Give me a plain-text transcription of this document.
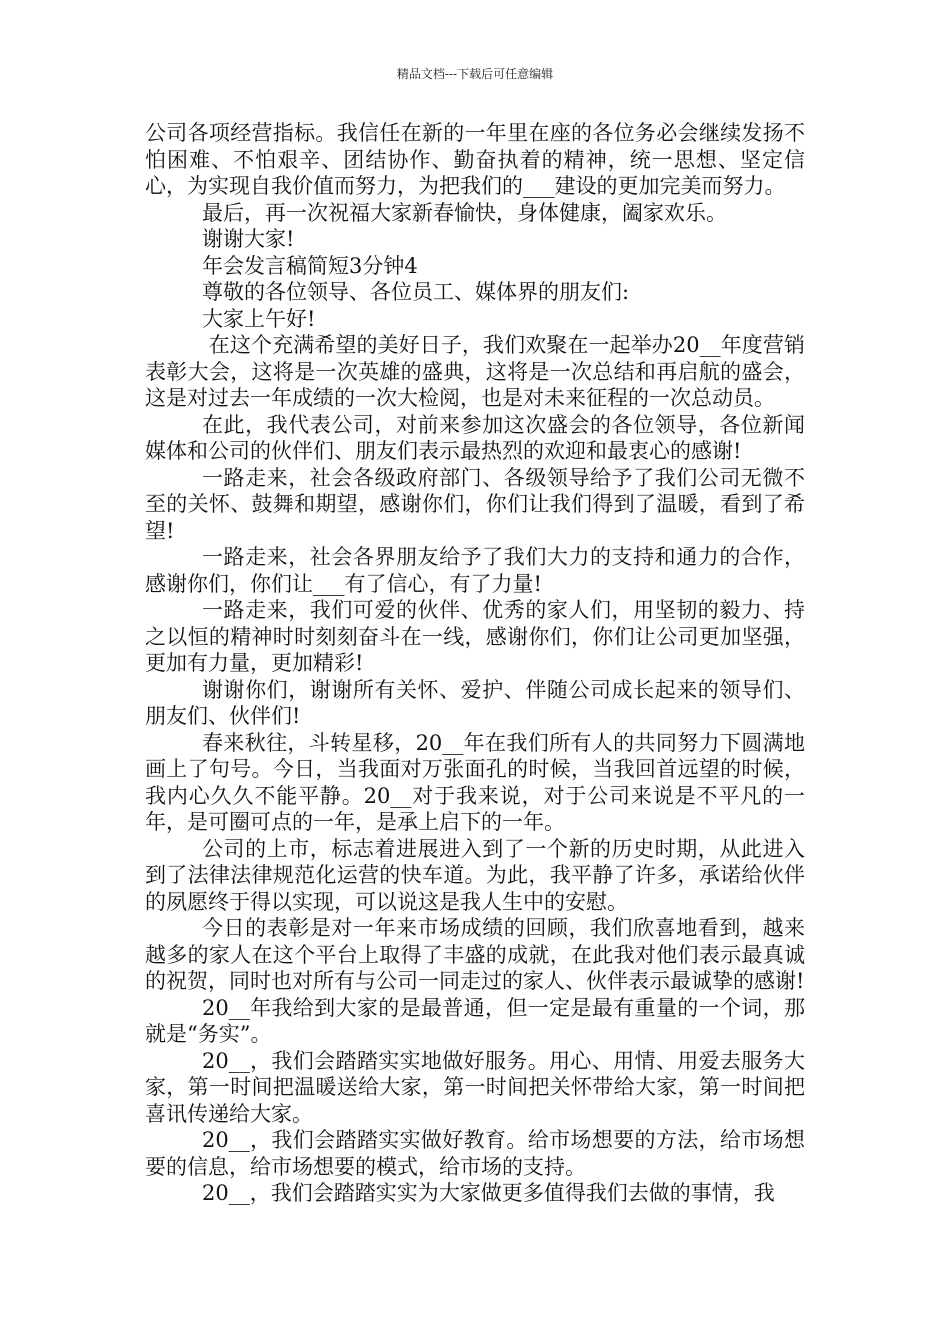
精品文档---下载后可任意编辑

公司各项经营指标。我信任在新的一年里在座的各位务必会继续发扬不怕困难、不怕艰辛、团结协作、勤奋执着的精神，统一思想、坚定信心，为实现自我价值而努力，为把我们的___建设的更加完美而努力。

最后，再一次祝福大家新春愉快，身体健康，阖家欢乐。

谢谢大家!

年会发言稿简短3分钟4

尊敬的各位领导、各位员工、媒体界的朋友们:

大家上午好!

在这个充满希望的美好日子，我们欢聚在一起举办20__年度营销表彰大会，这将是一次英雄的盛典，这将是一次总结和再启航的盛会，这是对过去一年成绩的一次大检阅，也是对未来征程的一次总动员。

在此，我代表公司，对前来参加这次盛会的各位领导，各位新闻媒体和公司的伙伴们、朋友们表示最热烈的欢迎和最衷心的感谢!

一路走来，社会各级政府部门、各级领导给予了我们公司无微不至的关怀、鼓舞和期望，感谢你们，你们让我们得到了温暖，看到了希望!

一路走来，社会各界朋友给予了我们大力的支持和通力的合作，感谢你们，你们让___有了信心，有了力量!

一路走来，我们可爱的伙伴、优秀的家人们，用坚韧的毅力、持之以恒的精神时时刻刻奋斗在一线，感谢你们，你们让公司更加坚强，更加有力量，更加精彩!

谢谢你们，谢谢所有关怀、爱护、伴随公司成长起来的领导们、朋友们、伙伴们!

春来秋往，斗转星移，20__年在我们所有人的共同努力下圆满地画上了句号。今日，当我面对万张面孔的时候，当我回首远望的时候，我内心久久不能平静。20__对于我来说，对于公司来说是不平凡的一年，是可圈可点的一年，是承上启下的一年。

公司的上市，标志着进展进入到了一个新的历史时期，从此进入到了法律法律规范化运营的快车道。为此，我平静了许多，承诺给伙伴的夙愿终于得以实现，可以说这是我人生中的安慰。

今日的表彰是对一年来市场成绩的回顾，我们欣喜地看到，越来越多的家人在这个平台上取得了丰盛的成就，在此我对他们表示最真诚的祝贺，同时也对所有与公司一同走过的家人、伙伴表示最诚挚的感谢!

20__年我给到大家的是最普通，但一定是最有重量的一个词，那就是“务实”。

20__，我们会踏踏实实地做好服务。用心、用情、用爱去服务大家，第一时间把温暖送给大家，第一时间把关怀带给大家，第一时间把喜讯传递给大家。

20__，我们会踏踏实实做好教育。给市场想要的方法，给市场想要的信息，给市场想要的模式，给市场的支持。

20__，我们会踏踏实实为大家做更多值得我们去做的事情，我
